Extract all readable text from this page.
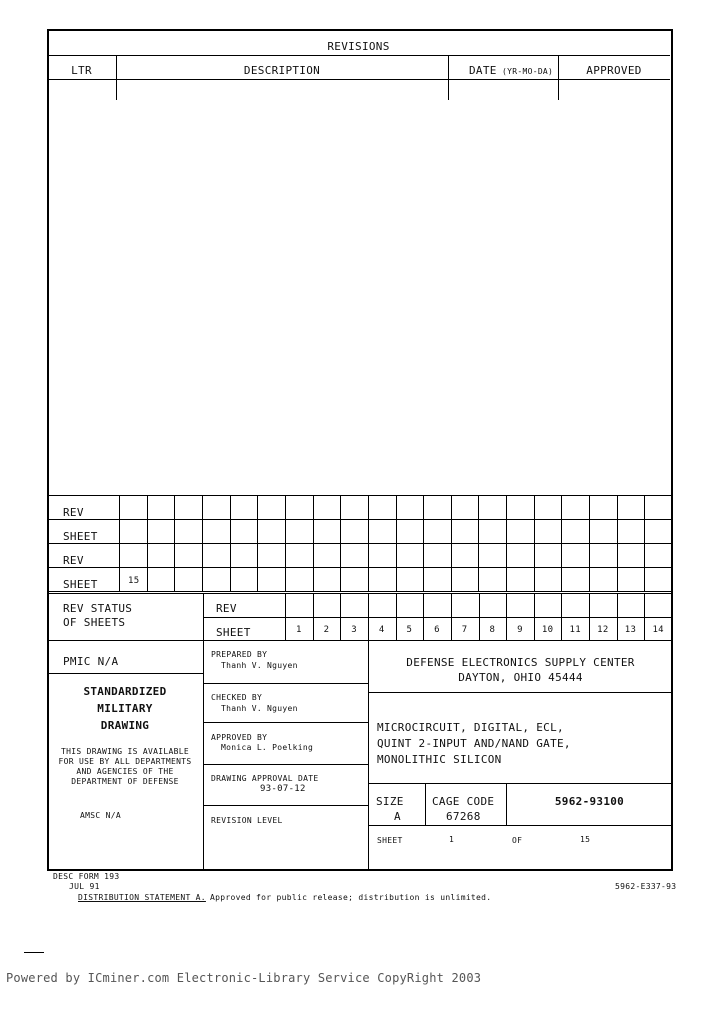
REVISIONS
LTR	DESCRIPTION	DATE (YR-MO-DA)	APPROVED
REV
SHEET
REV
SHEET	15
REV STATUS
OF SHEETS
REV
SHEET	1	2	3	4	5	6	7	8	9	10	11	12	13	14
PMIC N/A
STANDARDIZED
MILITARY
DRAWING
THIS DRAWING IS AVAILABLE
FOR USE BY ALL DEPARTMENTS
AND AGENCIES OF THE
DEPARTMENT OF DEFENSE
AMSC N/A
PREPARED BY
Thanh V. Nguyen
CHECKED BY
Thanh V. Nguyen
APPROVED BY
Monica L. Poelking
DRAWING APPROVAL DATE
93-07-12
REVISION LEVEL
DEFENSE ELECTRONICS SUPPLY CENTER
DAYTON, OHIO 45444
MICROCIRCUIT, DIGITAL, ECL,
QUINT 2-INPUT AND/NAND GATE,
MONOLITHIC SILICON
SIZE
A
CAGE CODE
67268
5962-93100
SHEET	1	OF	15
DESC FORM 193
JUL 91
DISTRIBUTION STATEMENT A. Approved for public release; distribution is unlimited.
5962-E337-93
Powered by ICminer.com Electronic-Library Service CopyRight 2003
